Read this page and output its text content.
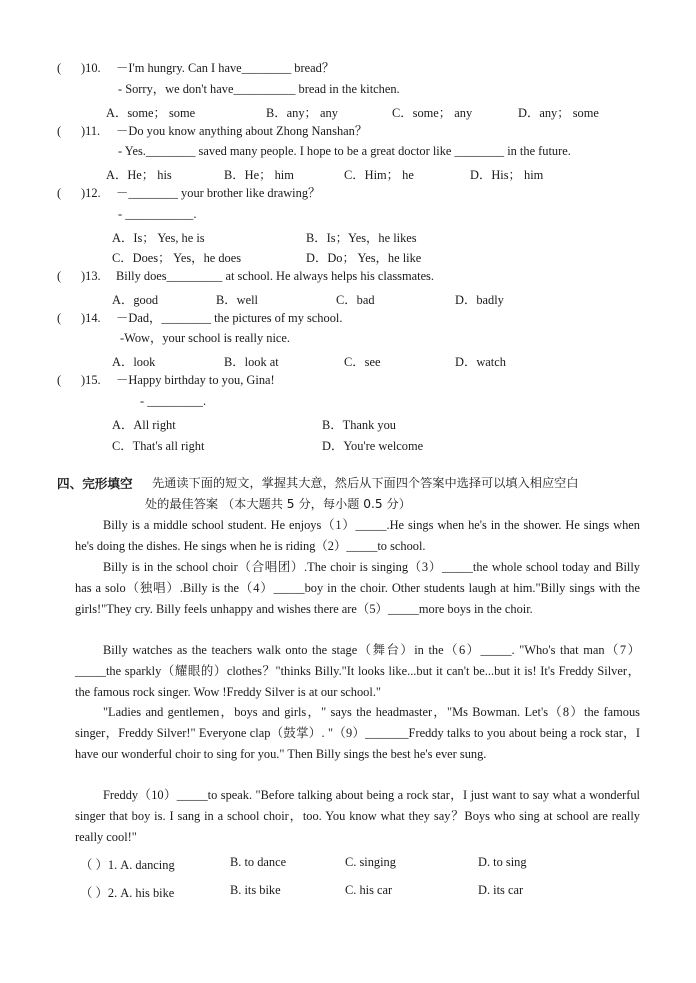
( )10. －I'm hungry. Can I have________ bread？
- Sorry，we don't have__________ bread in the kitchen.
A．some； some	B．any； any	C．some； any	D．any； some
( )11. －Do you know anything about Zhong Nanshan？
- Yes.________ saved many people. I hope to be a great doctor like ________ in the future.
A．He； his	B．He； him	C．Him； he	D．His； him
( )12. －________ your brother like drawing？
- ___________.
A．Is； Yes, he is	B．Is；Yes，he likes
C．Does； Yes，he does	D．Do； Yes，he like
( )13. Billy does_________ at school. He always helps his classmates.
A．good	B．well	C．bad	D．badly
( )14. －Dad，________ the pictures of my school.
-Wow，your school is really nice.
A．look	B．look at	C．see	D．watch
( )15. －Happy birthday to you, Gina!
- _________.
A．All right	B．Thank you
C．That's all right	D．You're welcome
四、完形填空 先通读下面的短文，掌握其大意，然后从下面四个答案中选择可以填入相应空白
处的最佳答案 （本大题共 5 分，每小题 0.5 分）
Billy is a middle school student. He enjoys（1）_____.He sings when he's in the shower. He sings when he's doing the dishes. He sings when he is riding（2）_____to school.
Billy is in the school choir（合唱团）.The choir is singing（3）_____the whole school today and Billy has a solo（独唱）.Billy is the（4）_____boy in the choir. Other students laugh at him."Billy sings with the girls!"They cry. Billy feels unhappy and wishes there are（5）_____more boys in the choir.
Billy watches as the teachers walk onto the stage（舞台）in the（6）_____. "Who's that man（7）_____the sparkly（耀眼的）clothes？"thinks Billy."It looks like...but it can't be...but it is! It's Freddy Silver，the famous rock singer. Wow !Freddy Silver is at our school."
"Ladies and gentlemen，boys and girls，" says the headmaster，"Ms Bowman. Let's（8）the famous singer，Freddy Silver!" Everyone clap（鼓掌）. "（9）_______Freddy talks to you about being a rock star，I have our wonderful choir to sing for you." Then Billy sings the best he's ever sung.
Freddy（10）_____to speak. "Before talking about being a rock star，I just want to say what a wonderful singer that boy is. I sang in a school choir，too. You know what they say？Boys who sing at school are really really cool!"
（ ）1. A. dancing	B. to dance	C. singing	D. to sing
（ ）2. A. his bike	B. its bike	C. his car	D. its car
